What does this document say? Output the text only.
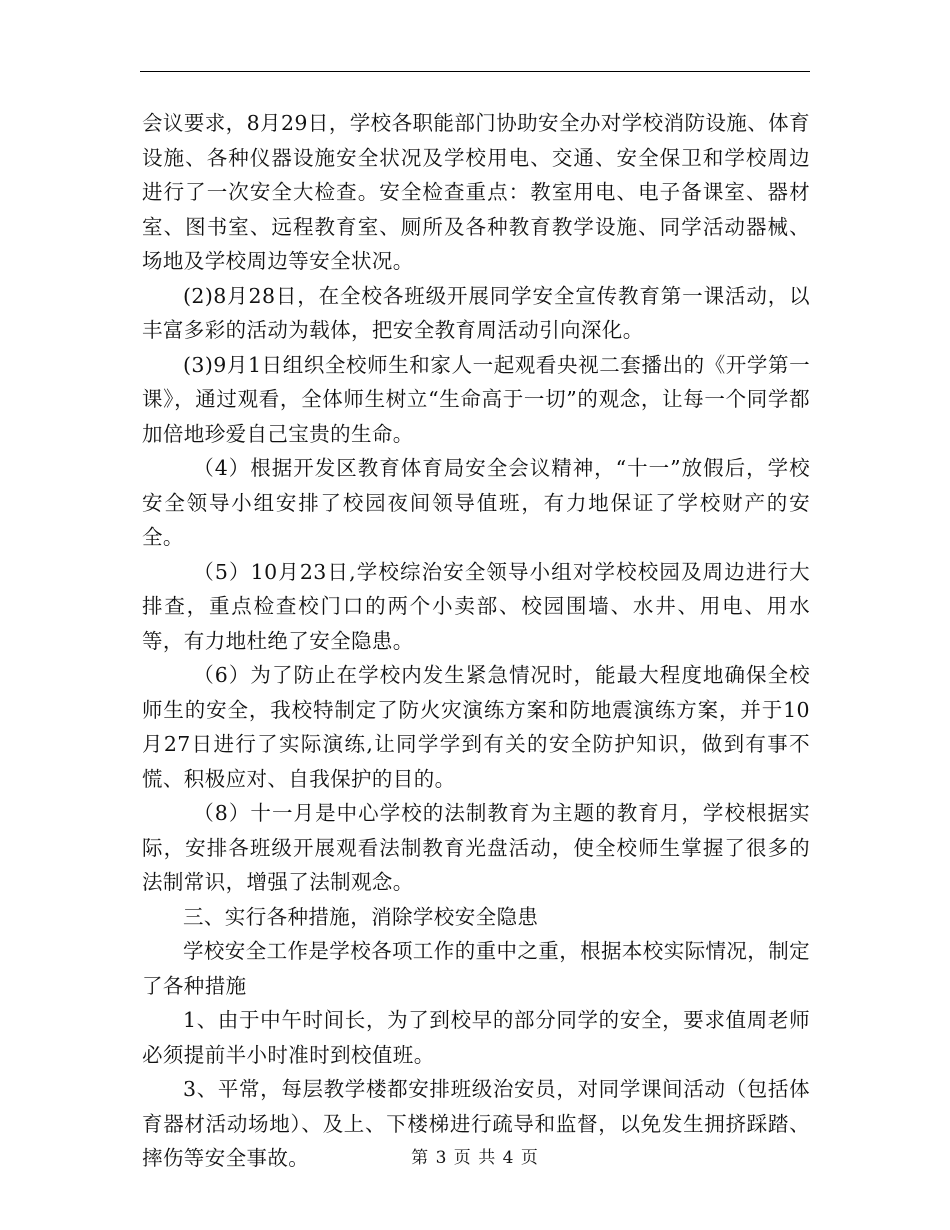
会议要求，8月29日，学校各职能部门协助安全办对学校消防设施、体育设施、各种仪器设施安全状况及学校用电、交通、安全保卫和学校周边进行了一次安全大检查。安全检查重点：教室用电、电子备课室、器材室、图书室、远程教育室、厕所及各种教育教学设施、同学活动器械、场地及学校周边等安全状况。

(2)8月28日，在全校各班级开展同学安全宣传教育第一课活动，以丰富多彩的活动为载体，把安全教育周活动引向深化。

(3)9月1日组织全校师生和家人一起观看央视二套播出的《开学第一课》，通过观看，全体师生树立“生命高于一切”的观念，让每一个同学都加倍地珍爱自己宝贵的生命。

（4）根据开发区教育体育局安全会议精神，“十一”放假后，学校安全领导小组安排了校园夜间领导值班，有力地保证了学校财产的安全。

（5）10月23日,学校综治安全领导小组对学校校园及周边进行大排查，重点检查校门口的两个小卖部、校园围墙、水井、用电、用水等，有力地杜绝了安全隐患。

（6）为了防止在学校内发生紧急情况时，能最大程度地确保全校师生的安全，我校特制定了防火灾演练方案和防地震演练方案，并于10月27日进行了实际演练,让同学学到有关的安全防护知识，做到有事不慌、积极应对、自我保护的目的。

（8）十一月是中心学校的法制教育为主题的教育月，学校根据实际，安排各班级开展观看法制教育光盘活动，使全校师生掌握了很多的法制常识，增强了法制观念。

三、实行各种措施，消除学校安全隐患

学校安全工作是学校各项工作的重中之重，根据本校实际情况，制定了各种措施

1、由于中午时间长，为了到校早的部分同学的安全，要求值周老师必须提前半小时准时到校值班。

3、平常，每层教学楼都安排班级治安员，对同学课间活动（包括体育器材活动场地）、及上、下楼梯进行疏导和监督，以免发生拥挤踩踏、摔伤等安全事故。	第 3 页 共 4 页
